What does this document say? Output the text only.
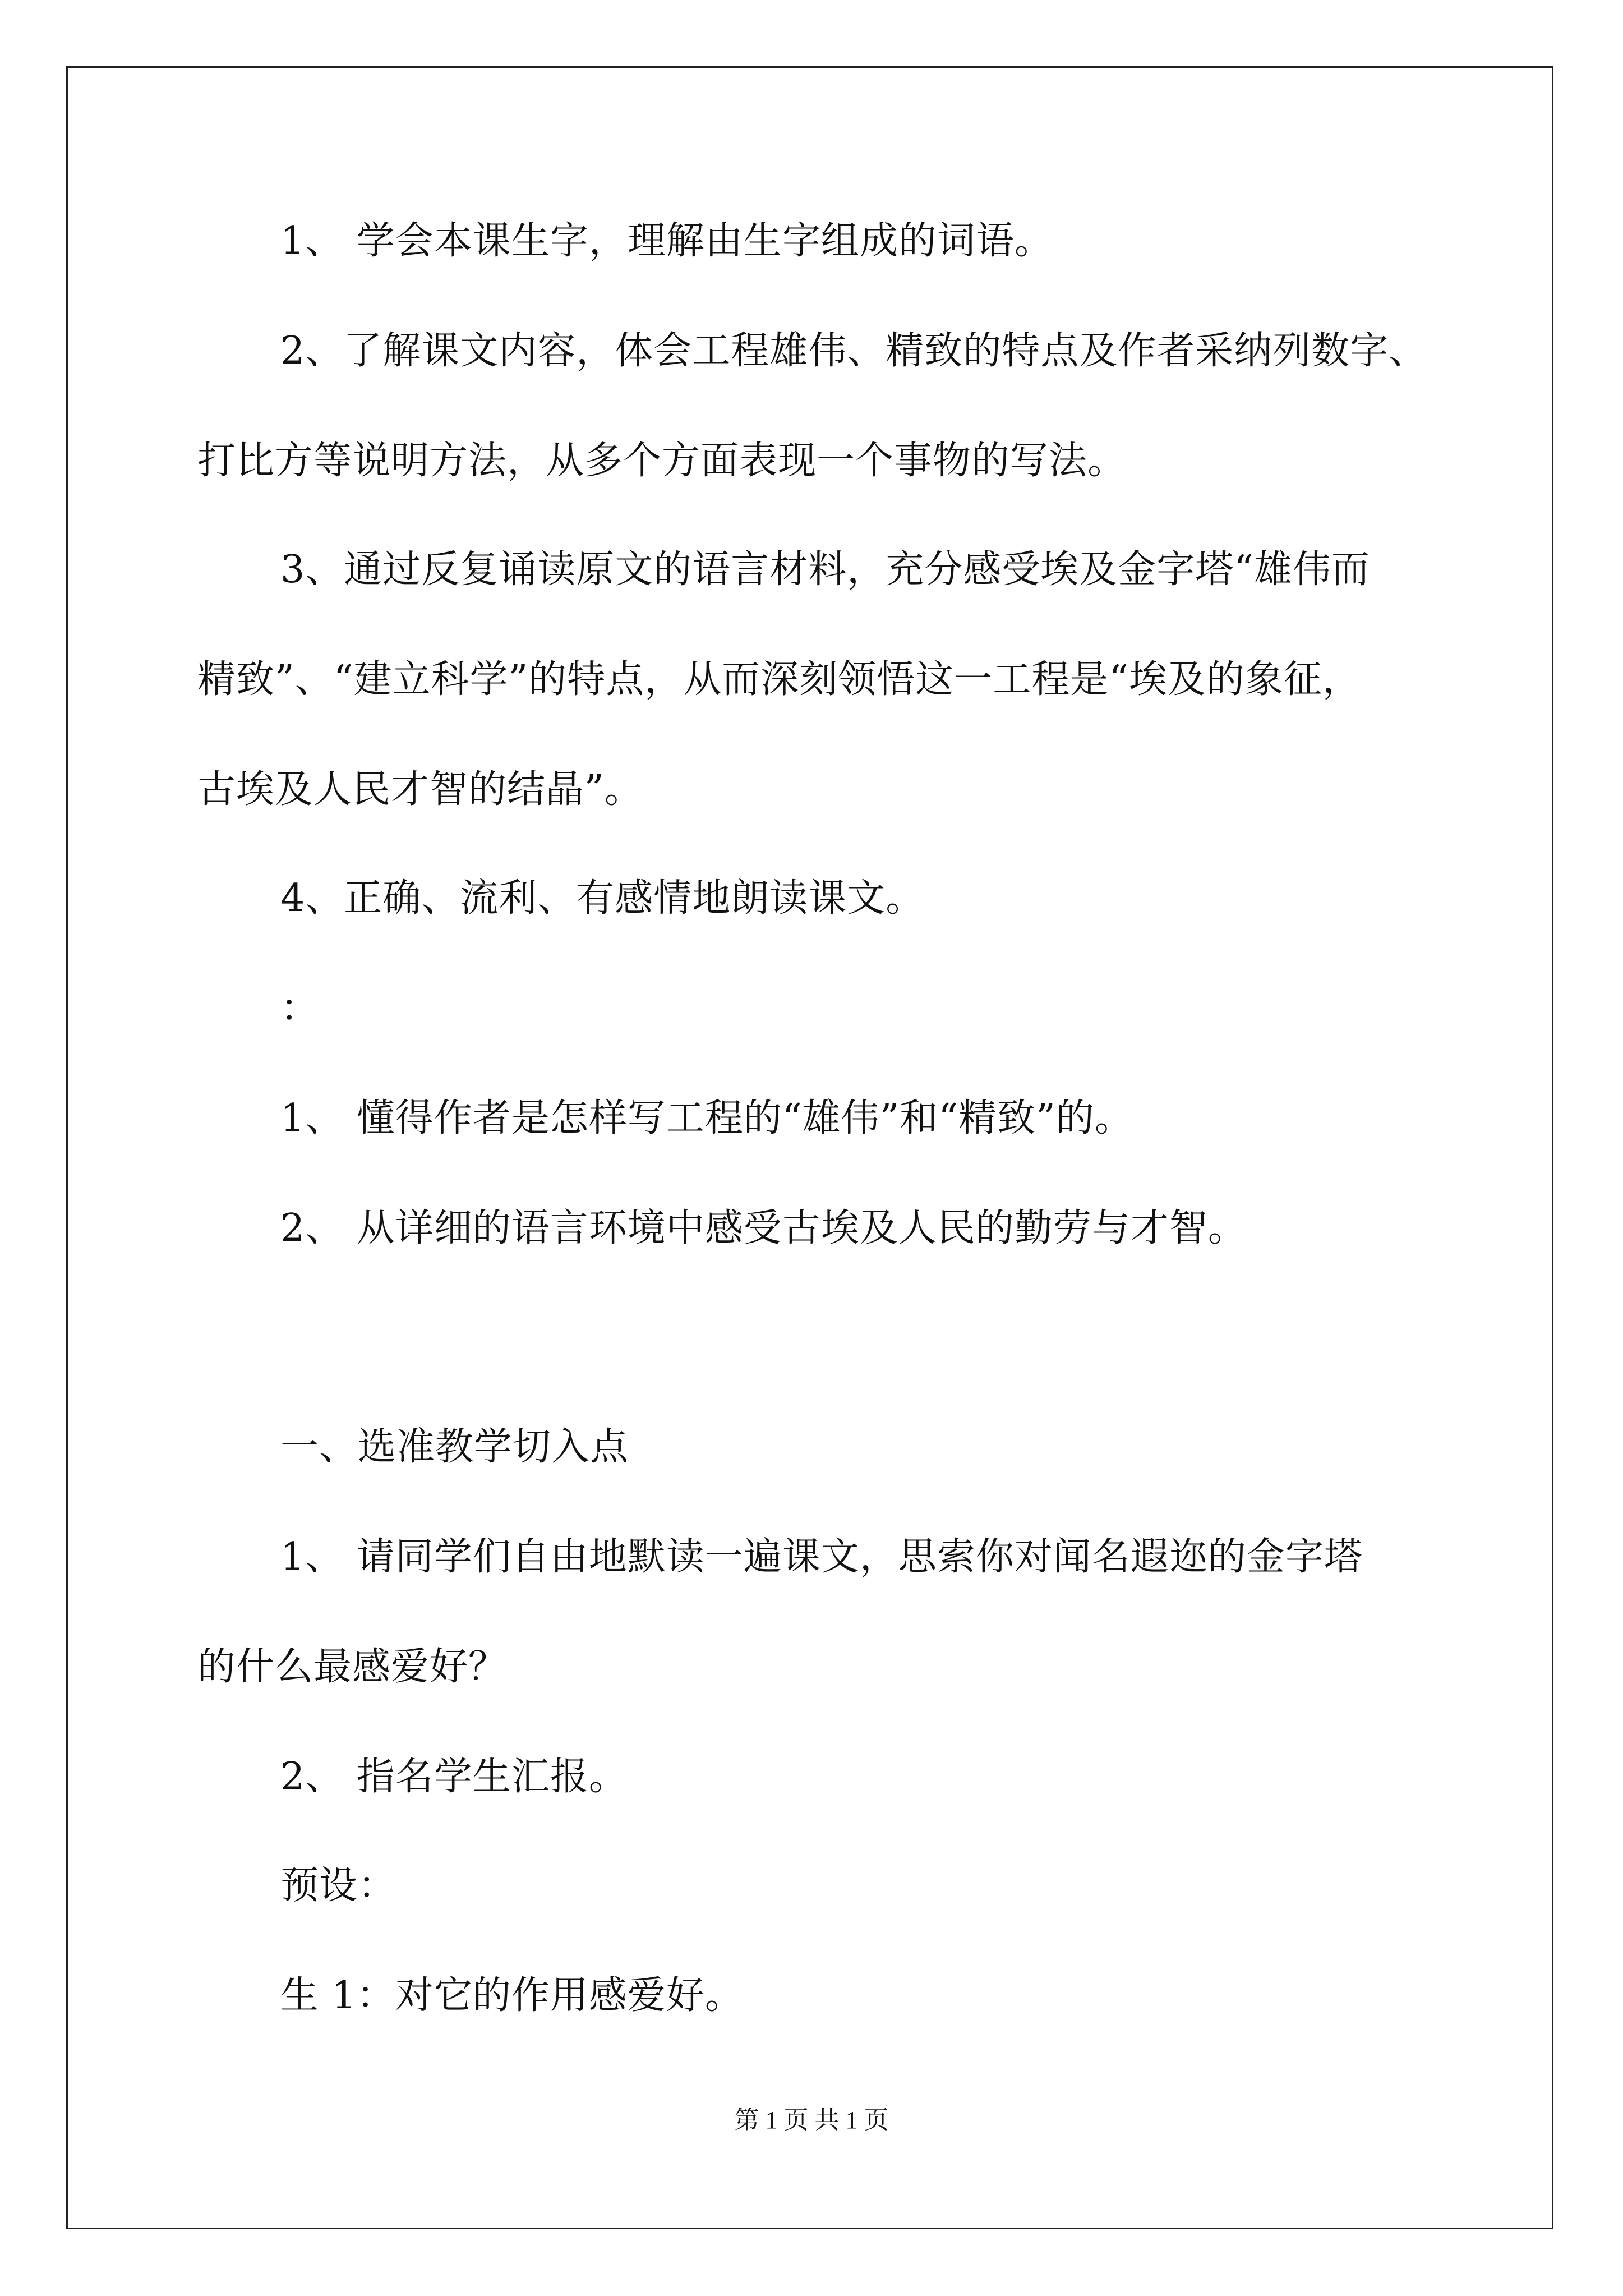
1、 学会本课生字，理解由生字组成的词语。
2、了解课文内容，体会工程雄伟、精致的特点及作者采纳列数字、
打比方等说明方法，从多个方面表现一个事物的写法。
3、通过反复诵读原文的语言材料，充分感受埃及金字塔“雄伟而
精致”、“建立科学”的特点，从而深刻领悟这一工程是“埃及的象征，
古埃及人民才智的结晶”。
4、正确、流利、有感情地朗读课文。
：
1、 懂得作者是怎样写工程的“雄伟”和“精致”的。
2、 从详细的语言环境中感受古埃及人民的勤劳与才智。
一、选准教学切入点
1、 请同学们自由地默读一遍课文，思索你对闻名遐迩的金字塔
的什么最感爱好？
2、 指名学生汇报。
预设：
生 1：对它的作用感爱好。
第 1 页 共 1 页
